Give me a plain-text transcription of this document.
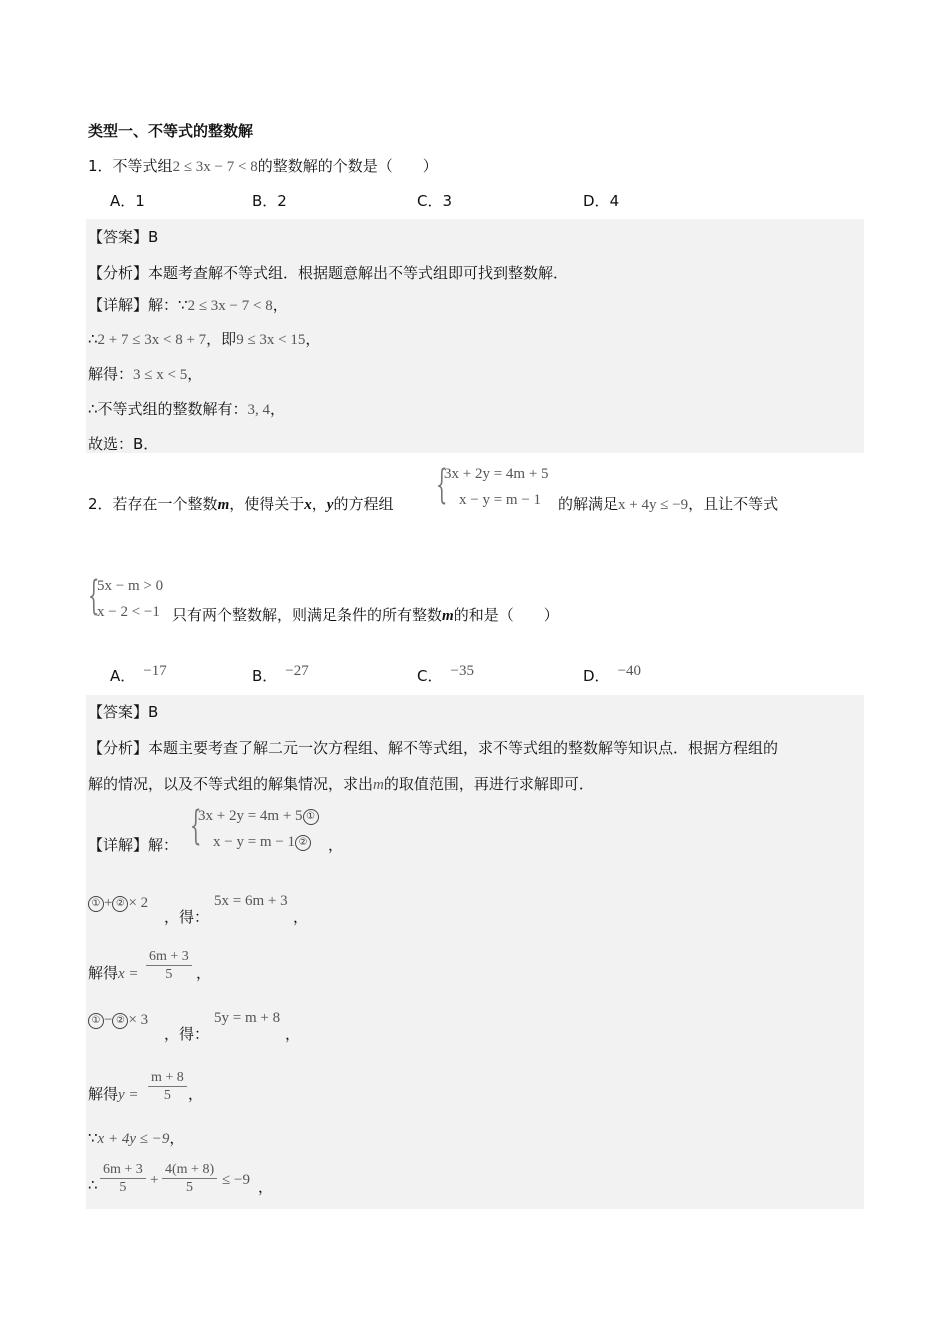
类型一、不等式的整数解
1．不等式组2 ≤ 3x − 7 < 8的整数解的个数是（　　）
A．1	B．2	C．3	D．4
【答案】B
【分析】本题考查解不等式组．根据题意解出不等式组即可找到整数解．
【详解】解：∵2 ≤ 3x − 7 < 8，
∴2 + 7 ≤ 3x < 8 + 7，即9 ≤ 3x < 15，
解得：3 ≤ x < 5，
∴不等式组的整数解有：3, 4，
故选：B．
2．若存在一个整数m，使得关于x，y的方程组 {
3x + 2y = 4m + 5
x − y = m − 1 的解满足x + 4y ≤ −9，且让不等式
{
5x − m > 0
x − 2 < −1 只有两个整数解，则满足条件的所有整数m的和是（　　）
A． −17	B． −27	C． −35	D． −40
【答案】B
【分析】本题主要考查了解二元一次方程组、解不等式组，求不等式组的整数解等知识点．根据方程组的
解的情况，以及不等式组的解集情况，求出m的取值范围，再进行求解即可．
【详解】解： {
3x + 2y = 4m + 5 ①
x − y = m − 1 ② ，
① + ② × 2
，得：
5x = 6m + 3
，
解得$x = \frac{6m + 3}{5}$ ，
① − ② × 3
，得：
5y = m + 8
，
解得$y = \frac{m + 8}{5}$ ，
∵x + 4y ≤ −9，
∴ $\frac{6m + 3}{5} + \frac{4(m + 8)}{5} \le -9$ ，
